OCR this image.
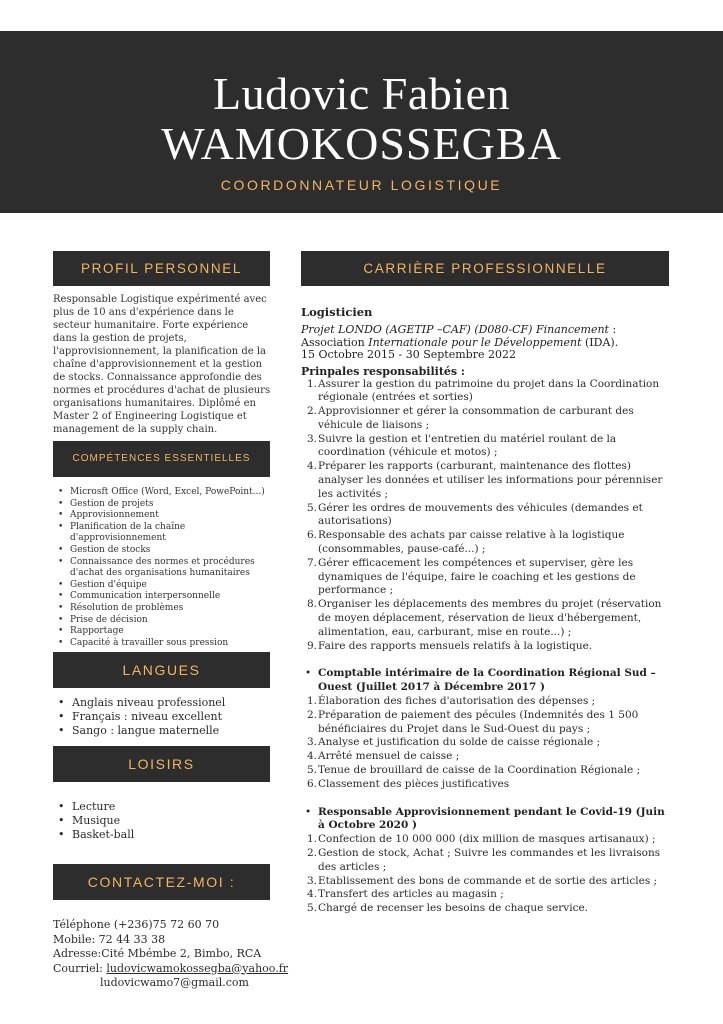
Ludovic Fabien
WAMOKOSSEGBA
COORDONNATEUR LOGISTIQUE
PROFIL PERSONNEL
Responsable Logistique expérimenté avec plus de 10 ans d'expérience dans le secteur humanitaire. Forte expérience dans la gestion de projets, l'approvisionnement, la planification de la chaîne d'approvisionnement et la gestion de stocks. Connaissance approfondie des normes et procédures d'achat de plusieurs organisations humanitaires. Diplômé en Master 2 of Engineering Logistique et management de la supply chain.
COMPÉTENCES ESSENTIELLES
• Microsft Office (Word, Excel, PowePoint...)
• Gestion de projets
• Approvisionnement
• Planification de la chaîne d'approvisionnement
• Gestion de stocks
• Connaissance des normes et procédures d'achat des organisations humanitaires
• Gestion d'équipe
• Communication interpersonnelle
• Résolution de problèmes
• Prise de décision
• Rapportage
• Capacité à travailler sous pression
LANGUES
• Anglais niveau professionel
• Français : niveau excellent
• Sango : langue maternelle
LOISIRS
• Lecture
• Musique
• Basket-ball
CONTACTEZ-MOI :
Téléphone (+236)75 72 60 70
Mobile: 72 44 33 38
Adresse:Cité Mbémbe 2, Bimbo, RCA
Courriel: ludovicwamokossegba@yahoo.fr
ludovicwamo7@gmail.com
CARRIÈRE PROFESSIONNELLE
Logisticien
Projet LONDO (AGETIP –CAF) (D080-CF) Financement : Association Internationale pour le Développement (IDA).
15 Octobre 2015 - 30 Septembre 2022
Prinpales responsabilités :
1. Assurer la gestion du patrimoine du projet dans la Coordination régionale (entrées et sorties)
2. Approvisionner et gérer la consommation de carburant des véhicule de liaisons ;
3. Suivre la gestion et l'entretien du matériel roulant de la coordination (véhicule et motos) ;
4. Préparer les rapports (carburant, maintenance des flottes) analyser les données et utiliser les informations pour pérenniser les activités ;
5. Gérer les ordres de mouvements des véhicules (demandes et autorisations)
6. Responsable des achats par caisse relative à la logistique (consommables, pause-café...) ;
7. Gérer efficacement les compétences et superviser, gère les dynamiques de l'équipe, faire le coaching et les gestions de performance ;
8. Organiser les déplacements des membres du projet (réservation de moyen déplacement, réservation de lieux d'hébergement, alimentation, eau, carburant, mise en route...) ;
9. Faire des rapports mensuels relatifs à la logistique.
• Comptable intérimaire de la Coordination Régional Sud – Ouest (Juillet 2017 à Décembre 2017 )
1. Élaboration des fiches d'autorisation des dépenses ;
2. Préparation de paiement des pécules (Indemnités des 1 500 bénéficiaires du Projet dans le Sud-Ouest du pays ;
3. Analyse et justification du solde de caisse régionale ;
4. Arrêté mensuel de caisse ;
5. Tenue de brouillard de caisse de la Coordination Régionale ;
6. Classement des pièces justificatives
• Responsable Approvisionnement pendant le Covid-19 (Juin à Octobre 2020 )
1. Confection de 10 000 000 (dix million de masques artisanaux) ;
2. Gestion de stock, Achat ; Suivre les commandes et les livraisons des articles ;
3. Etablissement des bons de commande et de sortie des articles ;
4. Transfert des articles au magasin ;
5. Chargé de recenser les besoins de chaque service.
